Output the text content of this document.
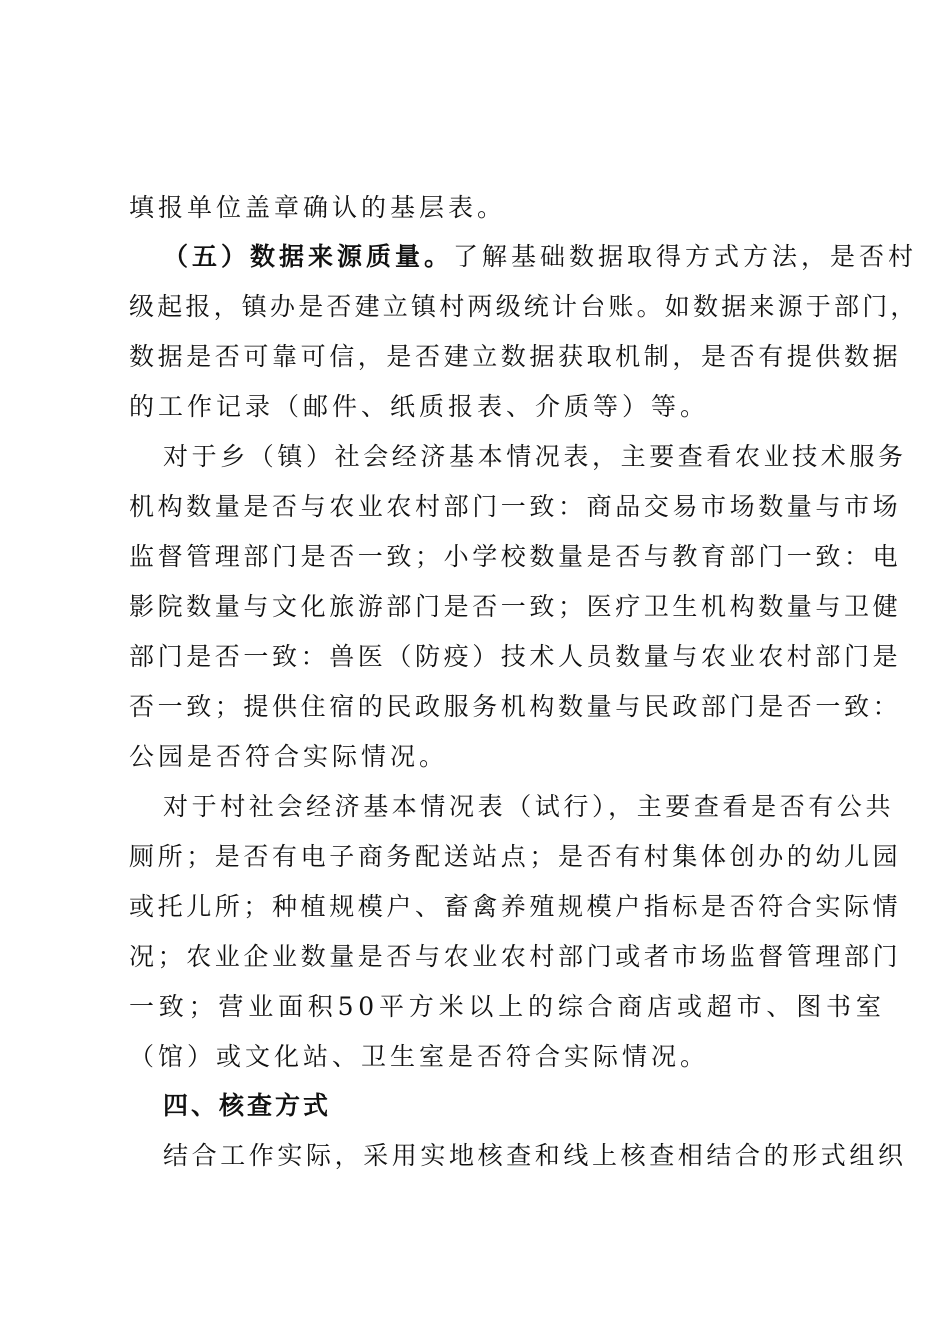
填报单位盖章确认的基层表。
（五）数据来源质量。了解基础数据取得方式方法，是否村
级起报，镇办是否建立镇村两级统计台账。如数据来源于部门，
数据是否可靠可信，是否建立数据获取机制，是否有提供数据
的工作记录（邮件、纸质报表、介质等）等。
对于乡（镇）社会经济基本情况表，主要查看农业技术服务
机构数量是否与农业农村部门一致：商品交易市场数量与市场
监督管理部门是否一致；小学校数量是否与教育部门一致：电
影院数量与文化旅游部门是否一致；医疗卫生机构数量与卫健
部门是否一致：兽医（防疫）技术人员数量与农业农村部门是
否一致；提供住宿的民政服务机构数量与民政部门是否一致：
公园是否符合实际情况。
对于村社会经济基本情况表（试行），主要查看是否有公共
厕所；是否有电子商务配送站点；是否有村集体创办的幼儿园
或托儿所；种植规模户、畜禽养殖规模户指标是否符合实际情
况；农业企业数量是否与农业农村部门或者市场监督管理部门
一致；营业面积50平方米以上的综合商店或超市、图书室
（馆）或文化站、卫生室是否符合实际情况。
四、核查方式
结合工作实际，采用实地核查和线上核查相结合的形式组织
